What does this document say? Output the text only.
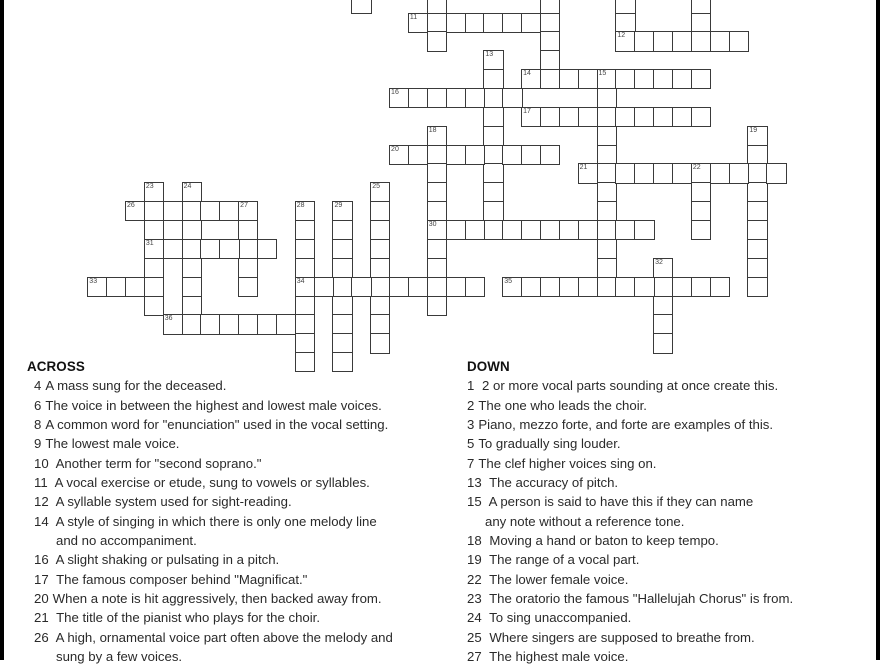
12
11
13
14	15
16
17
18
30
19
20
21	22
23
31
24	25
26	27	28
34
29
32
33	35
36
ACROSS
4 A mass sung for the deceased.
6 The voice in between the highest and lowest male voices.
8 A common word for "enunciation" used in the vocal setting.
9 The lowest male voice.
10 Another term for "second soprano."
11 A vocal exercise or etude, sung to vowels or syllables.
12 A syllable system used for sight-reading.
14 A style of singing in which there is only one melody line
and no accompaniment.
16 A slight shaking or pulsating in a pitch.
17 The famous composer behind "Magnificat."
20 When a note is hit aggressively, then backed away from.
21 The title of the pianist who plays for the choir.
26 A high, ornamental voice part often above the melody and
sung by a few voices.
DOWN
1 2 or more vocal parts sounding at once create this.
2 The one who leads the choir.
3 Piano, mezzo forte, and forte are examples of this.
5 To gradually sing louder.
7 The clef higher voices sing on.
13 The accuracy of pitch.
15 A person is said to have this if they can name
any note without a reference tone.
18 Moving a hand or baton to keep tempo.
19 The range of a vocal part.
22 The lower female voice.
23 The oratorio the famous "Hallelujah Chorus" is from.
24 To sing unaccompanied.
25 Where singers are supposed to breathe from.
27 The highest male voice.
